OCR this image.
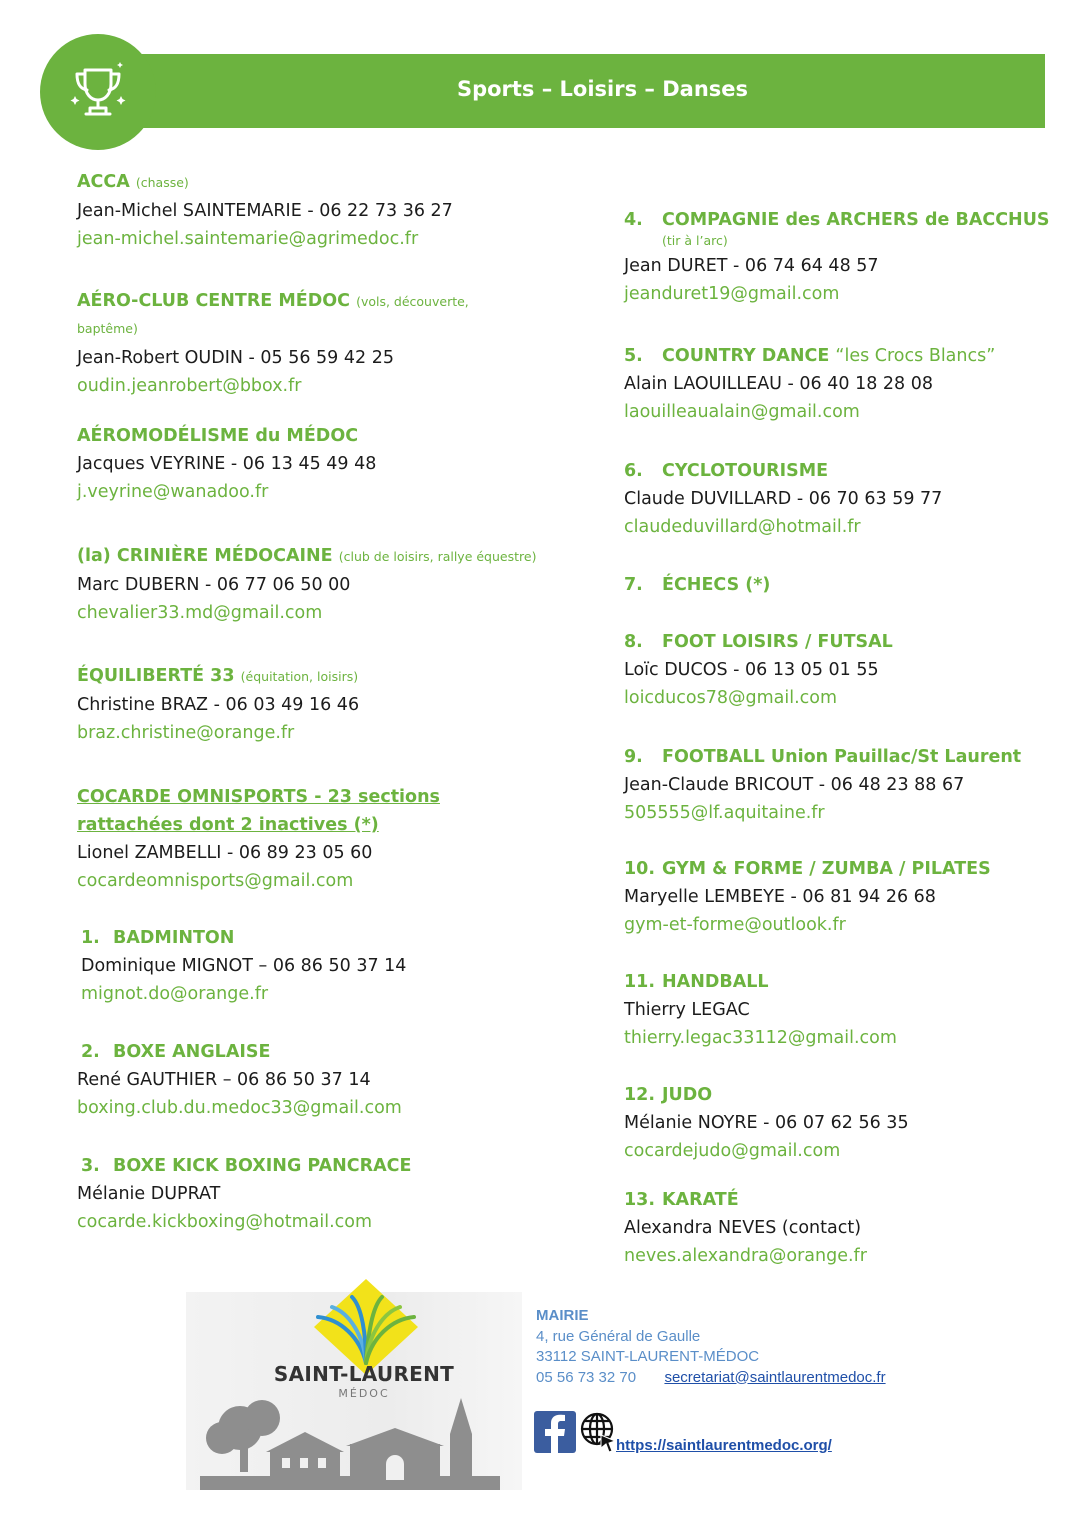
Sports – Loisirs – Danses
ACCA (chasse)
Jean-Michel SAINTEMARIE - 06 22 73 36 27
jean-michel.saintemarie@agrimedoc.fr
AÉRO-CLUB CENTRE MÉDOC (vols, découverte, baptême)
Jean-Robert OUDIN - 05 56 59 42 25
oudin.jeanrobert@bbox.fr
AÉROMODÉLISME du MÉDOC
Jacques VEYRINE - 06 13 45 49 48
j.veyrine@wanadoo.fr
(la) CRINIÈRE MÉDOCAINE (club de loisirs, rallye équestre)
Marc DUBERN - 06 77 06 50 00
chevalier33.md@gmail.com
ÉQUILIBERTÉ 33 (équitation, loisirs)
Christine BRAZ - 06 03 49 16 46
braz.christine@orange.fr
COCARDE OMNISPORTS - 23 sections rattachées dont 2 inactives (*)
Lionel ZAMBELLI - 06 89 23 05 60
cocardeomnisports@gmail.com
1. BADMINTON
Dominique MIGNOT – 06 86 50 37 14
mignot.do@orange.fr
2. BOXE ANGLAISE
René GAUTHIER – 06 86 50 37 14
boxing.club.du.medoc33@gmail.com
3. BOXE KICK BOXING PANCRACE
Mélanie DUPRAT
cocarde.kickboxing@hotmail.com
4. COMPAGNIE des ARCHERS de BACCHUS
(tir à l’arc)
Jean DURET - 06 74 64 48 57
jeanduret19@gmail.com
5. COUNTRY DANCE “les Crocs Blancs”
Alain LAOUILLEAU - 06 40 18 28 08
laouilleaualain@gmail.com
6. CYCLOTOURISME
Claude DUVILLARD - 06 70 63 59 77
claudeduvillard@hotmail.fr
7. ÉCHECS (*)
8. FOOT LOISIRS / FUTSAL
Loïc DUCOS - 06 13 05 01 55
loicducos78@gmail.com
9. FOOTBALL Union Pauillac/St Laurent
Jean-Claude BRICOUT - 06 48 23 88 67
505555@lf.aquitaine.fr
10. GYM & FORME / ZUMBA / PILATES
Maryelle LEMBEYE - 06 81 94 26 68
gym-et-forme@outlook.fr
11. HANDBALL
Thierry LEGAC
thierry.legac33112@gmail.com
12. JUDO
Mélanie NOYRE - 06 07 62 56 35
cocardejudo@gmail.com
13. KARATÉ
Alexandra NEVES (contact)
neves.alexandra@orange.fr
SAINT-LAURENT
MÉDOC
MAIRIE
4, rue Général de Gaulle
33112 SAINT-LAURENT-MÉDOC
05 56 73 32 70 secretariat@saintlaurentmedoc.fr
https://saintlaurentmedoc.org/
